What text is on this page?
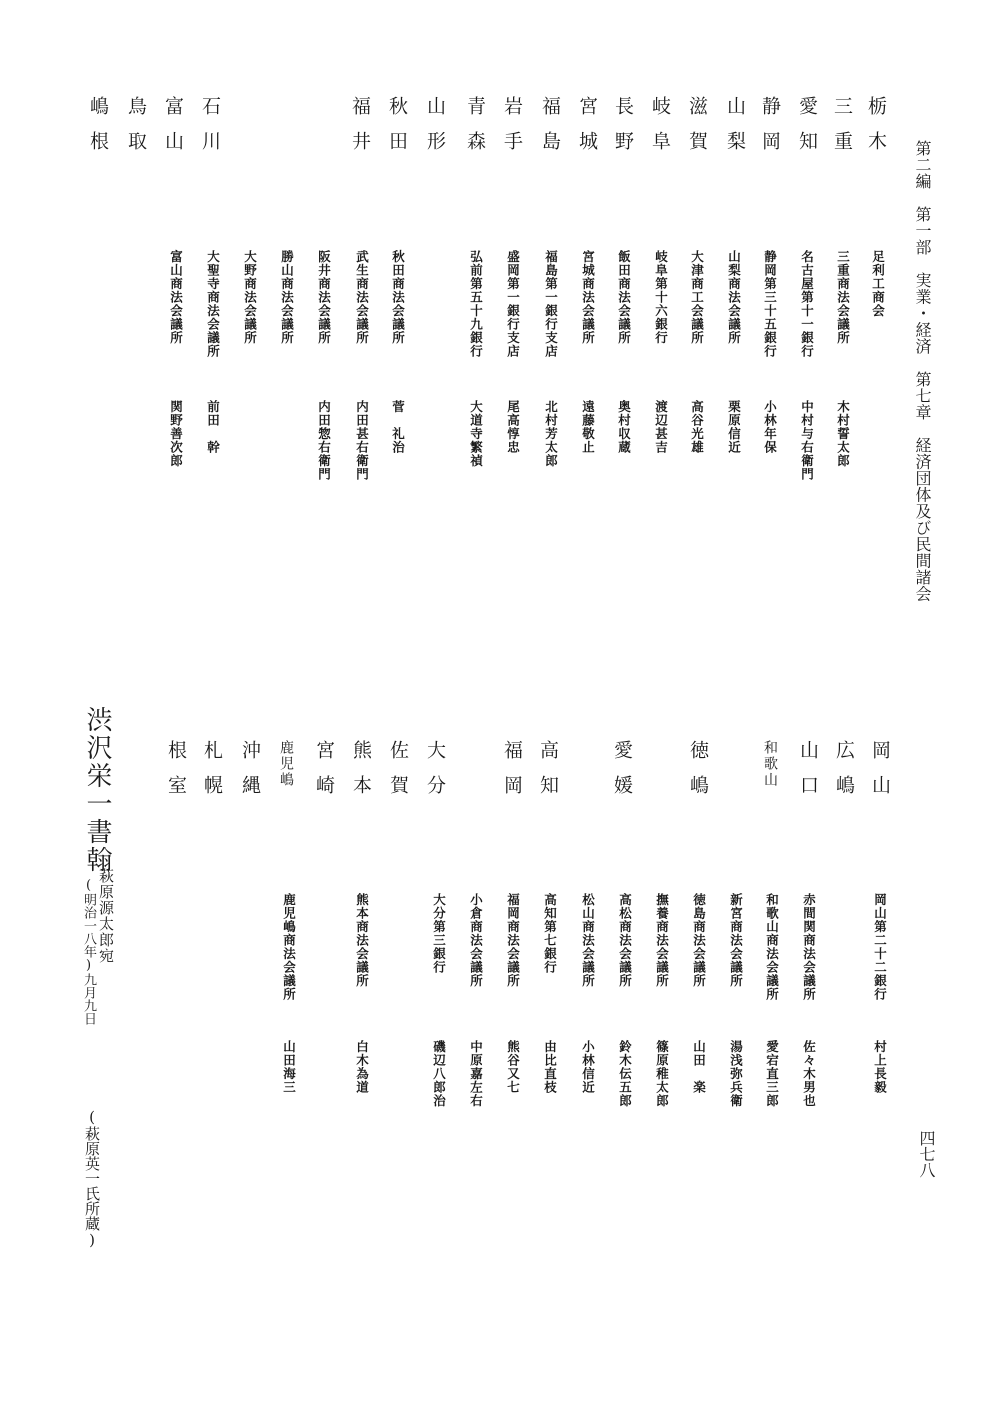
第二編　第一部　実業・経済　第七章　経済団体及び民間諸会
四七八
栃木
三重
愛知
静岡
山梨
滋賀
岐阜
長野
宮城
福島
岩手
青森
山形
秋田
福井
石川
富山
鳥取
嶋根
足利工商会
三重商法会議所
名古屋第十一銀行
静岡第三十五銀行
山梨商法会議所
大津商工会議所
岐阜第十六銀行
飯田商法会議所
宮城商法会議所
福島第一銀行支店
盛岡第一銀行支店
弘前第五十九銀行
秋田商法会議所
武生商法会議所
阪井商法会議所
勝山商法会議所
大野商法会議所
大聖寺商法会議所
富山商法会議所
木村誓太郎
中村与右衛門
小林年保
栗原信近
高谷光雄
渡辺甚吉
奥村収蔵
遠藤敬止
北村芳太郎
尾高惇忠
大道寺繁禎
菅　礼治
内田甚右衛門
内田惣右衛門
前田　幹
関野善次郎
岡山
広嶋
山口
和歌山
徳嶋
愛媛
高知
福岡
大分
佐賀
熊本
宮崎
鹿児嶋
沖縄
札幌
根室
岡山第二十二銀行
赤間関商法会議所
和歌山商法会議所
新宮商法会議所
徳島商法会議所
撫養商法会議所
高松商法会議所
松山商法会議所
高知第七銀行
福岡商法会議所
小倉商法会議所
大分第三銀行
熊本商法会議所
鹿児嶋商法会議所
村上長毅
佐々木男也
愛宕直三郎
湯浅弥兵衛
山田　楽
篠原稚太郎
鈴木伝五郎
小林信近
由比直枝
熊谷又七
中原嘉左右
磯辺八郎治
白木為道
山田海三
渋沢栄一書翰
萩原源太郎宛
(明治一八年)九月九日
(萩原英一氏所蔵)
